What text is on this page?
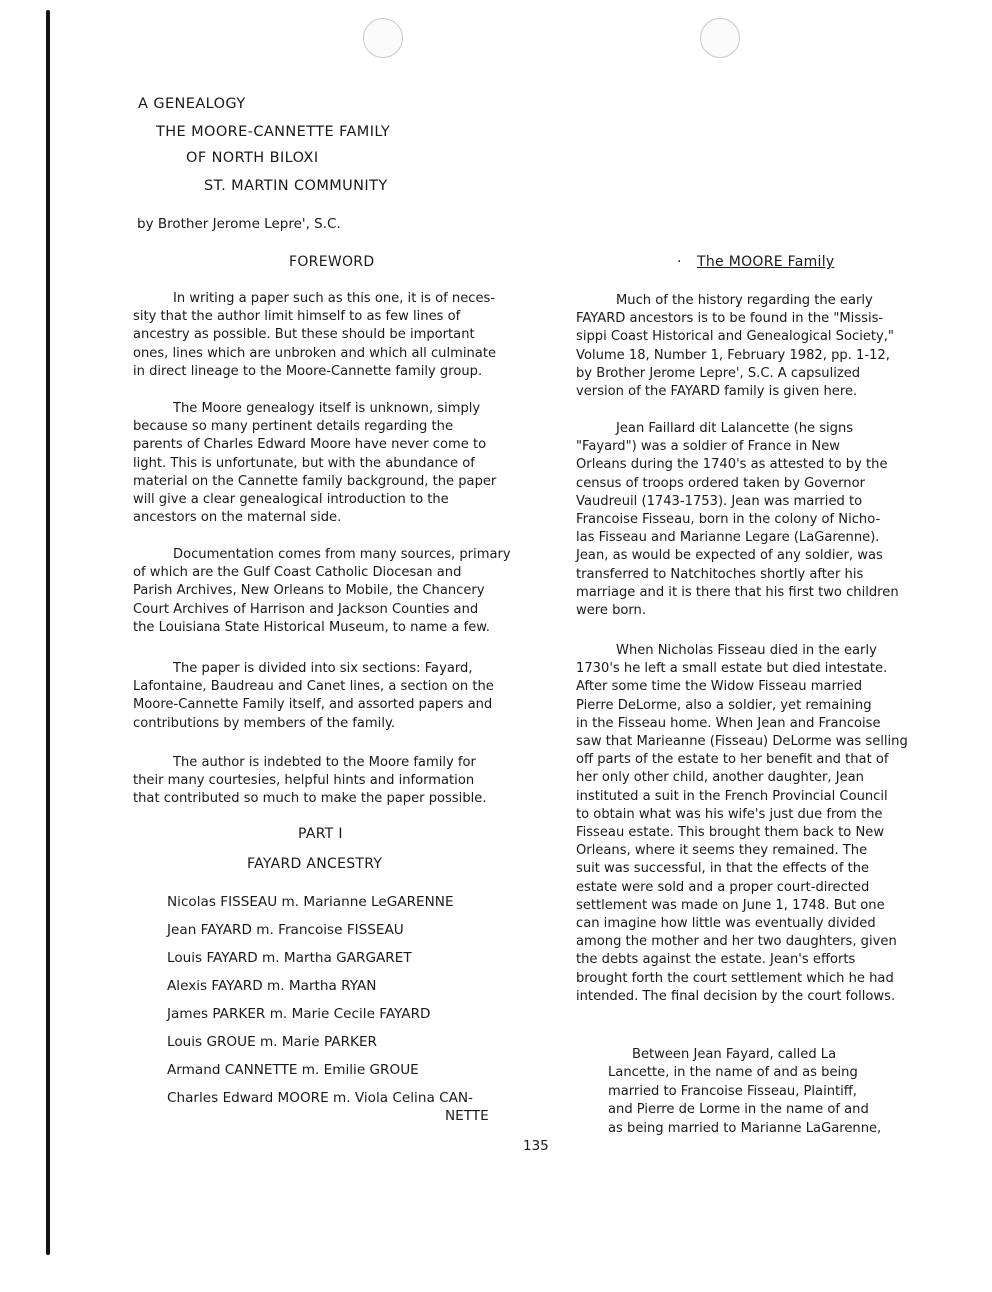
A GENEALOGY
THE MOORE-CANNETTE FAMILY
OF NORTH BILOXI
ST. MARTIN COMMUNITY
by Brother Jerome Lepre', S.C.
FOREWORD
In writing a paper such as this one, it is of neces-
sity that the author limit himself to as few lines of
ancestry as possible. But these should be important
ones, lines which are unbroken and which all culminate
in direct lineage to the Moore-Cannette family group.
The Moore genealogy itself is unknown, simply
because so many pertinent details regarding the
parents of Charles Edward Moore have never come to
light. This is unfortunate, but with the abundance of
material on the Cannette family background, the paper
will give a clear genealogical introduction to the
ancestors on the maternal side.
Documentation comes from many sources, primary
of which are the Gulf Coast Catholic Diocesan and
Parish Archives, New Orleans to Mobile, the Chancery
Court Archives of Harrison and Jackson Counties and
the Louisiana State Historical Museum, to name a few.
The paper is divided into six sections: Fayard,
Lafontaine, Baudreau and Canet lines, a section on the
Moore-Cannette Family itself, and assorted papers and
contributions by members of the family.
The author is indebted to the Moore family for
their many courtesies, helpful hints and information
that contributed so much to make the paper possible.
PART I
FAYARD ANCESTRY
Nicolas FISSEAU m. Marianne LeGARENNE
Jean FAYARD m. Francoise FISSEAU
Louis FAYARD m. Martha GARGARET
Alexis FAYARD m. Martha RYAN
James PARKER m. Marie Cecile FAYARD
Louis GROUE m. Marie PARKER
Armand CANNETTE m. Emilie GROUE
Charles Edward MOORE m. Viola Celina CAN-
NETTE
· The MOORE Family
Much of the history regarding the early
FAYARD ancestors is to be found in the "Missis-
sippi Coast Historical and Genealogical Society,"
Volume 18, Number 1, February 1982, pp. 1-12,
by Brother Jerome Lepre', S.C. A capsulized
version of the FAYARD family is given here.
Jean Faillard dit Lalancette (he signs
"Fayard") was a soldier of France in New
Orleans during the 1740's as attested to by the
census of troops ordered taken by Governor
Vaudreuil (1743-1753). Jean was married to
Francoise Fisseau, born in the colony of Nicho-
las Fisseau and Marianne Legare (LaGarenne).
Jean, as would be expected of any soldier, was
transferred to Natchitoches shortly after his
marriage and it is there that his first two children
were born.
When Nicholas Fisseau died in the early
1730's he left a small estate but died intestate.
After some time the Widow Fisseau married
Pierre DeLorme, also a soldier, yet remaining
in the Fisseau home. When Jean and Francoise
saw that Marieanne (Fisseau) DeLorme was selling
off parts of the estate to her benefit and that of
her only other child, another daughter, Jean
instituted a suit in the French Provincial Council
to obtain what was his wife's just due from the
Fisseau estate. This brought them back to New
Orleans, where it seems they remained. The
suit was successful, in that the effects of the
estate were sold and a proper court-directed
settlement was made on June 1, 1748. But one
can imagine how little was eventually divided
among the mother and her two daughters, given
the debts against the estate. Jean's efforts
brought forth the court settlement which he had
intended. The final decision by the court follows.
Between Jean Fayard, called La
Lancette, in the name of and as being
married to Francoise Fisseau, Plaintiff,
and Pierre de Lorme in the name of and
as being married to Marianne LaGarenne,
135
